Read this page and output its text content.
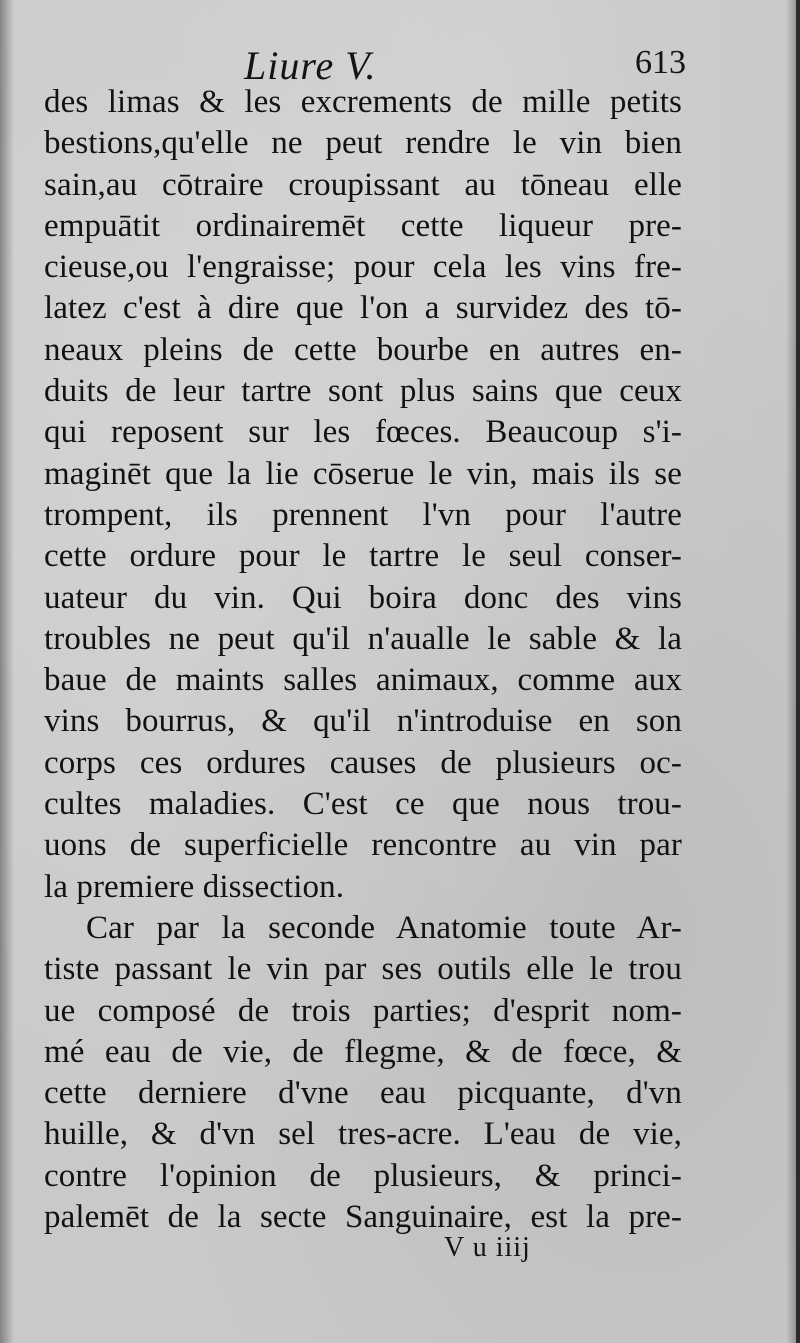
Liure V.	613
des limas & les excrements de mille petits
bestions,qu'elle ne peut rendre le vin bien
sain,au cōtraire croupissant au tōneau elle
empuātit ordinairemēt cette liqueur pre-
cieuse,ou l'engraisse; pour cela les vins fre-
latez c'est à dire que l'on a survidez des tō-
neaux pleins de cette bourbe en autres en-
duits de leur tartre sont plus sains que ceux
qui reposent sur les fœces. Beaucoup s'i-
maginēt que la lie cōserue le vin, mais ils se
trompent, ils prennent l'vn pour l'autre
cette ordure pour le tartre le seul conser-
uateur du vin. Qui boira donc des vins
troubles ne peut qu'il n'aualle le sable & la
baue de maints salles animaux, comme aux
vins bourrus, & qu'il n'introduise en son
corps ces ordures causes de plusieurs oc-
cultes maladies. C'est ce que nous trou-
uons de superficielle rencontre au vin par
la premiere dissection.
Car par la seconde Anatomie toute Ar-
tiste passant le vin par ses outils elle le trou
ue composé de trois parties; d'esprit nom-
mé eau de vie, de flegme, & de fœce, &
cette derniere d'vne eau picquante, d'vn
huille, & d'vn sel tres-acre. L'eau de vie,
contre l'opinion de plusieurs, & princi-
palemēt de la secte Sanguinaire, est la pre-
V u iiij
